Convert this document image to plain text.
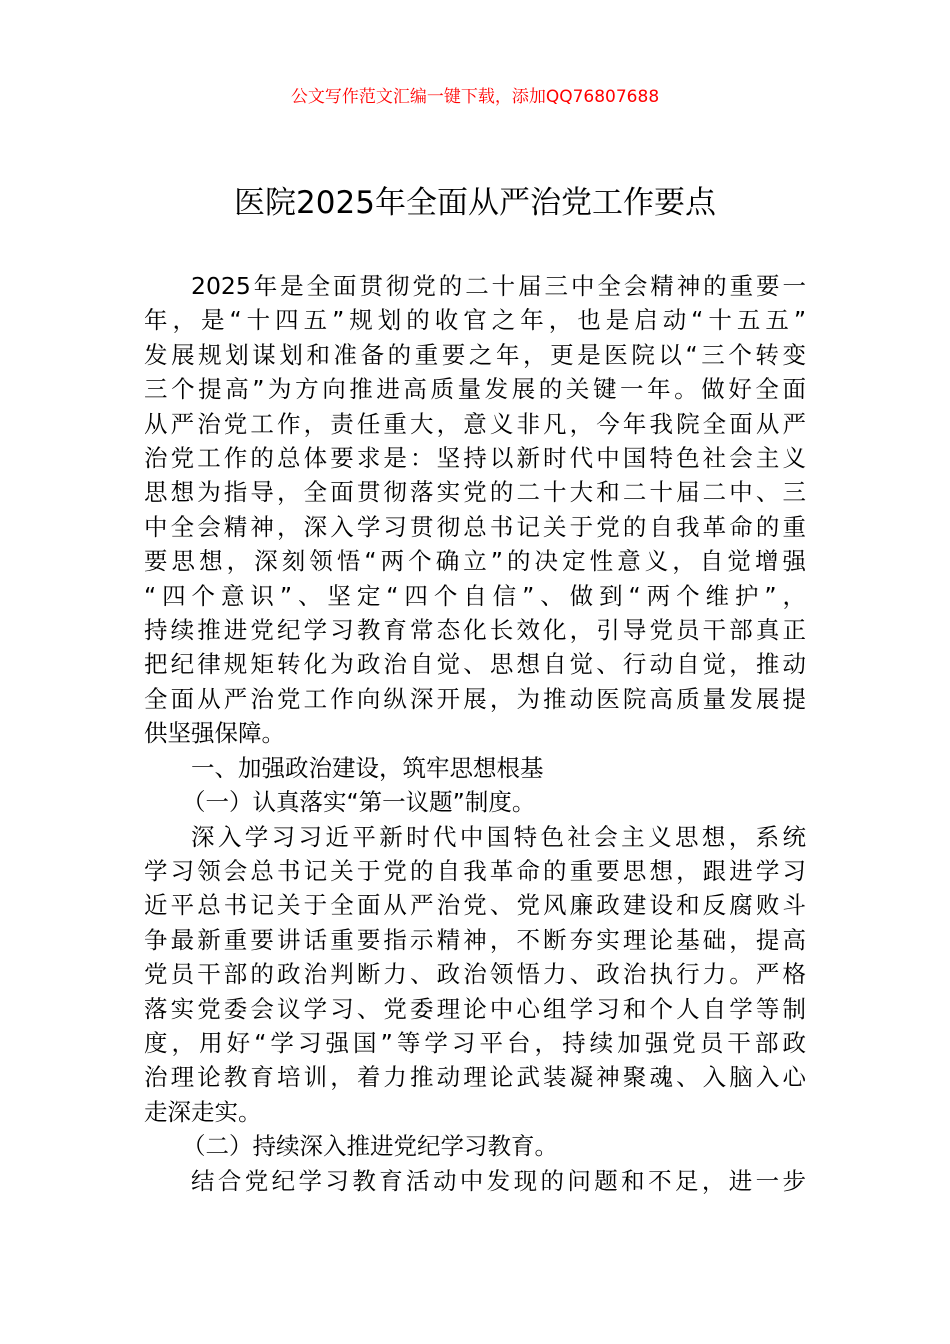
公文写作范文汇编一键下载，添加QQ76807688
医院2025年全面从严治党工作要点
2025年是全面贯彻党的二十届三中全会精神的重要一
年，是“十四五”规划的收官之年，也是启动“十五五”
发展规划谋划和准备的重要之年，更是医院以“三个转变
三个提高”为方向推进高质量发展的关键一年。做好全面
从严治党工作，责任重大，意义非凡，今年我院全面从严
治党工作的总体要求是：坚持以新时代中国特色社会主义
思想为指导，全面贯彻落实党的二十大和二十届二中、三
中全会精神，深入学习贯彻总书记关于党的自我革命的重
要思想，深刻领悟“两个确立”的决定性意义，自觉增强
“四个意识”、坚定“四个自信”、做到“两个维护”，
持续推进党纪学习教育常态化长效化，引导党员干部真正
把纪律规矩转化为政治自觉、思想自觉、行动自觉，推动
全面从严治党工作向纵深开展，为推动医院高质量发展提
供坚强保障。
一、加强政治建设，筑牢思想根基
（一）认真落实“第一议题”制度。
深入学习习近平新时代中国特色社会主义思想，系统
学习领会总书记关于党的自我革命的重要思想，跟进学习
近平总书记关于全面从严治党、党风廉政建设和反腐败斗
争最新重要讲话重要指示精神，不断夯实理论基础，提高
党员干部的政治判断力、政治领悟力、政治执行力。严格
落实党委会议学习、党委理论中心组学习和个人自学等制
度，用好“学习强国”等学习平台，持续加强党员干部政
治理论教育培训，着力推动理论武装凝神聚魂、入脑入心
走深走实。
（二）持续深入推进党纪学习教育。
结合党纪学习教育活动中发现的问题和不足，进一步
